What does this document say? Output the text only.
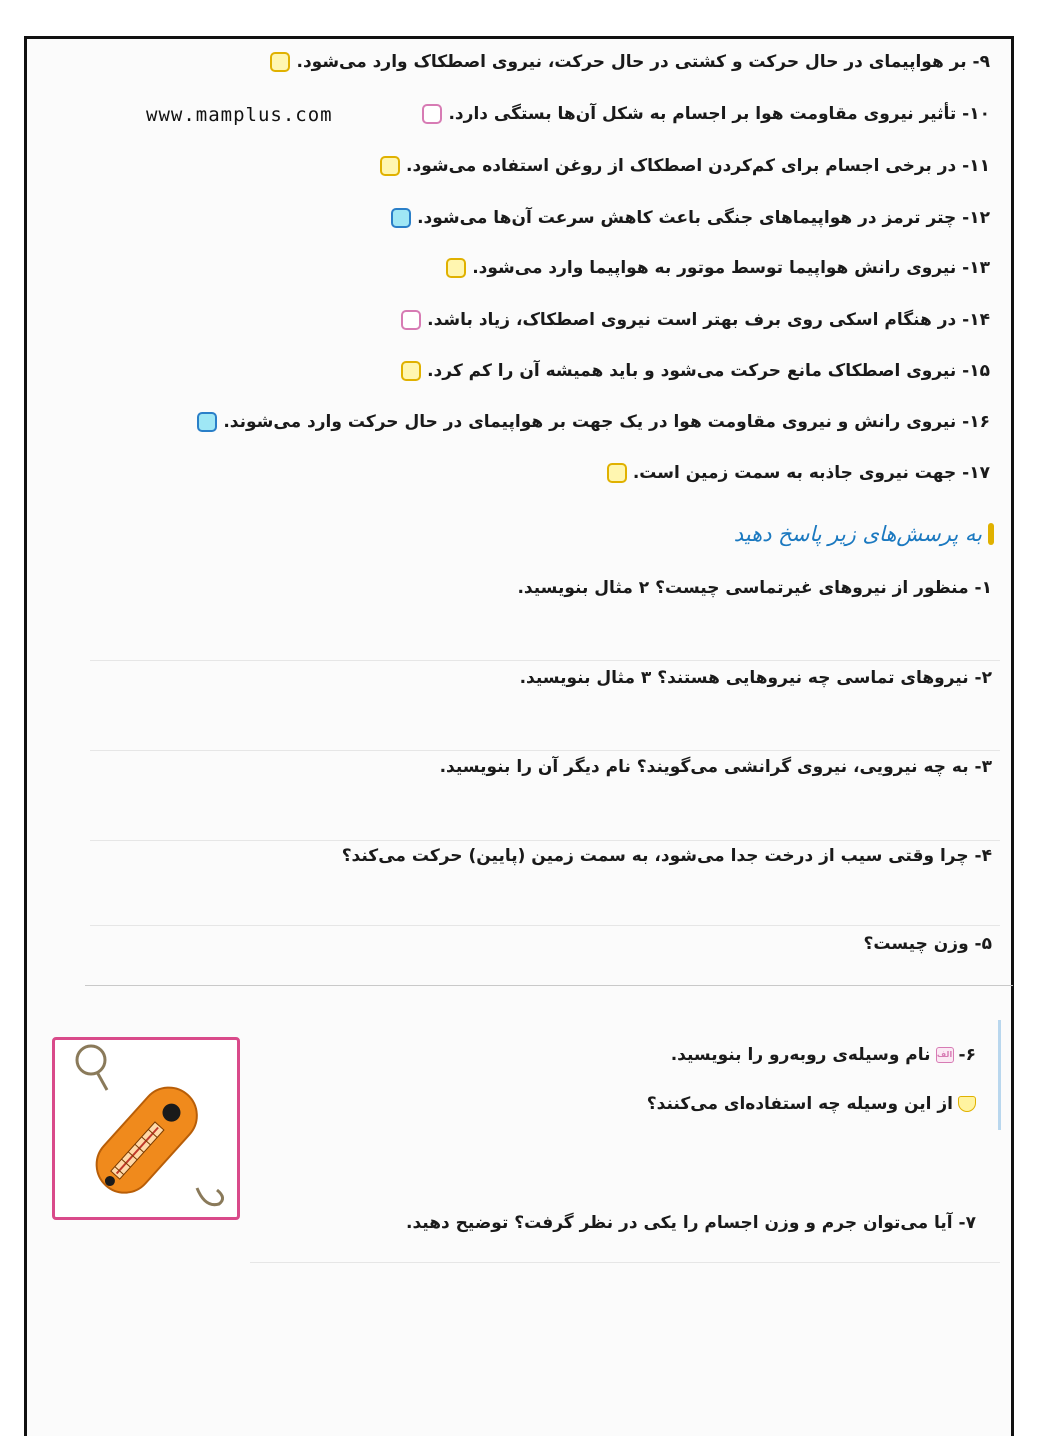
۹- بر هواپیمای در حال حرکت و کشتی در حال حرکت، نیروی اصطکاک وارد می‌شود.
www.mamplus.com	۱۰- تأثیر نیروی مقاومت هوا بر اجسام به شکل آن‌ها بستگی دارد.
۱۱- در برخی اجسام برای کم‌کردن اصطکاک از روغن استفاده می‌شود.
۱۲- چتر ترمز در هواپیماهای جنگی باعث کاهش سرعت آن‌ها می‌شود.
۱۳- نیروی رانش هواپیما توسط موتور به هواپیما وارد می‌شود.
۱۴- در هنگام اسکی روی برف بهتر است نیروی اصطکاک، زیاد باشد.
۱۵- نیروی اصطکاک مانع حرکت می‌شود و باید همیشه آن را کم کرد.
۱۶- نیروی رانش و نیروی مقاومت هوا در یک جهت بر هواپیمای در حال حرکت وارد می‌شوند.
۱۷- جهت نیروی جاذبه به سمت زمین است.
به پرسش‌های زیر پاسخ دهید
۱- منظور از نیروهای غیرتماسی چیست؟ ۲ مثال بنویسید.
۲- نیروهای تماسی چه نیروهایی هستند؟ ۳ مثال بنویسید.
۳- به چه نیرویی، نیروی گرانشی می‌گویند؟ نام دیگر آن را بنویسید.
۴- چرا وقتی سیب از درخت جدا می‌شود، به سمت زمین (پایین) حرکت می‌کند؟
۵- وزن چیست؟
۶-
الف
نام وسیله‌ی روبه‌رو را بنویسید.
از این وسیله چه استفاده‌ای می‌کنند؟
۷- آیا می‌توان جرم و وزن اجسام را یکی در نظر گرفت؟ توضیح دهید.
